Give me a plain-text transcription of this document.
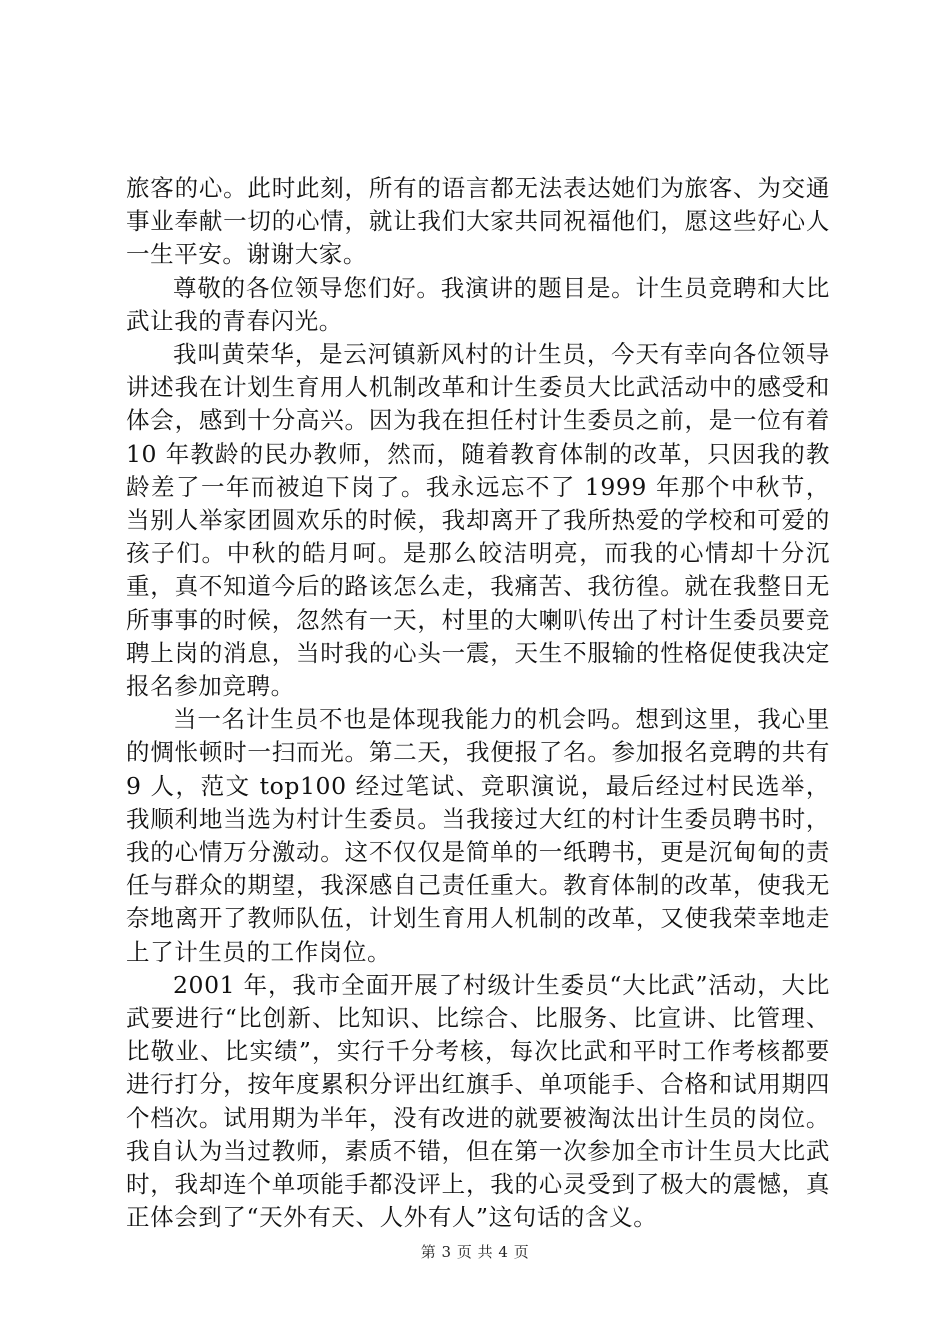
旅客的心。此时此刻，所有的语言都无法表达她们为旅客、为交通事业奉献一切的心情，就让我们大家共同祝福他们，愿这些好心人一生平安。谢谢大家。

尊敬的各位领导您们好。我演讲的题目是。计生员竞聘和大比武让我的青春闪光。

我叫黄荣华，是云河镇新风村的计生员，今天有幸向各位领导讲述我在计划生育用人机制改革和计生委员大比武活动中的感受和体会，感到十分高兴。因为我在担任村计生委员之前，是一位有着 10 年教龄的民办教师，然而，随着教育体制的改革，只因我的教龄差了一年而被迫下岗了。我永远忘不了 1999 年那个中秋节，当别人举家团圆欢乐的时候，我却离开了我所热爱的学校和可爱的孩子们。中秋的皓月呵。是那么皎洁明亮，而我的心情却十分沉重，真不知道今后的路该怎么走，我痛苦、我彷徨。就在我整日无所事事的时候，忽然有一天，村里的大喇叭传出了村计生委员要竞聘上岗的消息，当时我的心头一震，天生不服输的性格促使我决定报名参加竞聘。

当一名计生员不也是体现我能力的机会吗。想到这里，我心里的惆怅顿时一扫而光。第二天，我便报了名。参加报名竞聘的共有 9 人，范文 top100 经过笔试、竞职演说，最后经过村民选举，我顺利地当选为村计生委员。当我接过大红的村计生委员聘书时，我的心情万分激动。这不仅仅是简单的一纸聘书，更是沉甸甸的责任与群众的期望，我深感自己责任重大。教育体制的改革，使我无奈地离开了教师队伍，计划生育用人机制的改革，又使我荣幸地走上了计生员的工作岗位。

2001 年，我市全面开展了村级计生委员“大比武”活动，大比武要进行“比创新、比知识、比综合、比服务、比宣讲、比管理、比敬业、比实绩”，实行千分考核，每次比武和平时工作考核都要进行打分，按年度累积分评出红旗手、单项能手、合格和试用期四个档次。试用期为半年，没有改进的就要被淘汰出计生员的岗位。我自认为当过教师，素质不错，但在第一次参加全市计生员大比武时，我却连个单项能手都没评上，我的心灵受到了极大的震憾，真正体会到了“天外有天、人外有人”这句话的含义。

第 3 页 共 4 页
